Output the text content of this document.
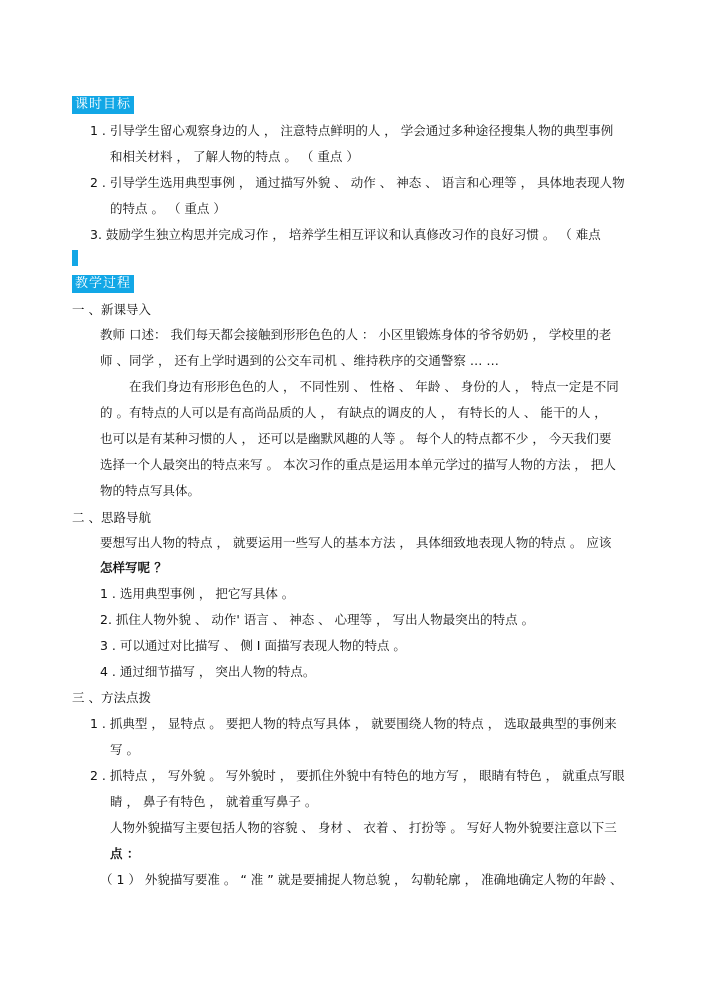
课时目标
1 . 引导学生留心观察身边的人 ， 注意特点鲜明的人 ， 学会通过多种途径搜集人物的典型事例
和相关材料 ， 了解人物的特点 。 （ 重点 ）
2 . 引导学生选用典型事例 ， 通过描写外貌 、 动作 、 神态 、 语言和心理等 ， 具体地表现人物
的特点 。 （ 重点 ）
3. 鼓励学生独立构思并完成习作 ， 培养学生相互评议和认真修改习作的良好习惯 。 （ 难点
教学过程
一 、新课导入
教师 口述： 我们每天都会接触到形形色色的人 ： 小区里锻炼身体的爷爷奶奶 ， 学校里的老
师 、同学 ， 还有上学时遇到的公交车司机 、维持秩序的交通警察 … …
在我们身边有形形色色的人 ， 不同性别 、 性格 、 年龄 、 身份的人 ， 特点一定是不同
的 。有特点的人可以是有高尚品质的人 ， 有缺点的调皮的人 ， 有特长的人 、 能干的人 ，
也可以是有某种习惯的人 ， 还可以是幽默风趣的人等 。 每个人的特点都不少 ， 今天我们要
选择一个人最突出的特点来写 。 本次习作的重点是运用本单元学过的描写人物的方法 ， 把人
物的特点写具体。
二 、思路导航
要想写出人物的特点 ， 就要运用一些写人的基本方法 ， 具体细致地表现人物的特点 。 应该
怎样写呢 ？
1 . 选用典型事例 ， 把它写具体 。
2. 抓住人物外貌 、 动作' 语言 、 神态 、 心理等 ， 写出人物最突出的特点 。
3 . 可以通过对比描写 、 侧 I 面描写表现人物的特点 。
4 . 通过细节描写 ， 突出人物的特点。
三 、方法点拨
1 . 抓典型 ， 显特点 。 要把人物的特点写具体 ， 就要围绕人物的特点 ， 选取最典型的事例来
写 。
2 . 抓特点 ， 写外貌 。 写外貌时 ， 要抓住外貌中有特色的地方写 ， 眼睛有特色 ， 就重点写眼
睛 ， 鼻子有特色 ， 就着重写鼻子 。
人物外貌描写主要包括人物的容貌 、 身材 、 衣着 、 打扮等 。 写好人物外貌要注意以下三
点 ：
（ 1 ） 外貌描写要准 。 “ 准 ” 就是要捕捉人物总貌 ， 勾勒轮廓 ， 准确地确定人物的年龄 、
